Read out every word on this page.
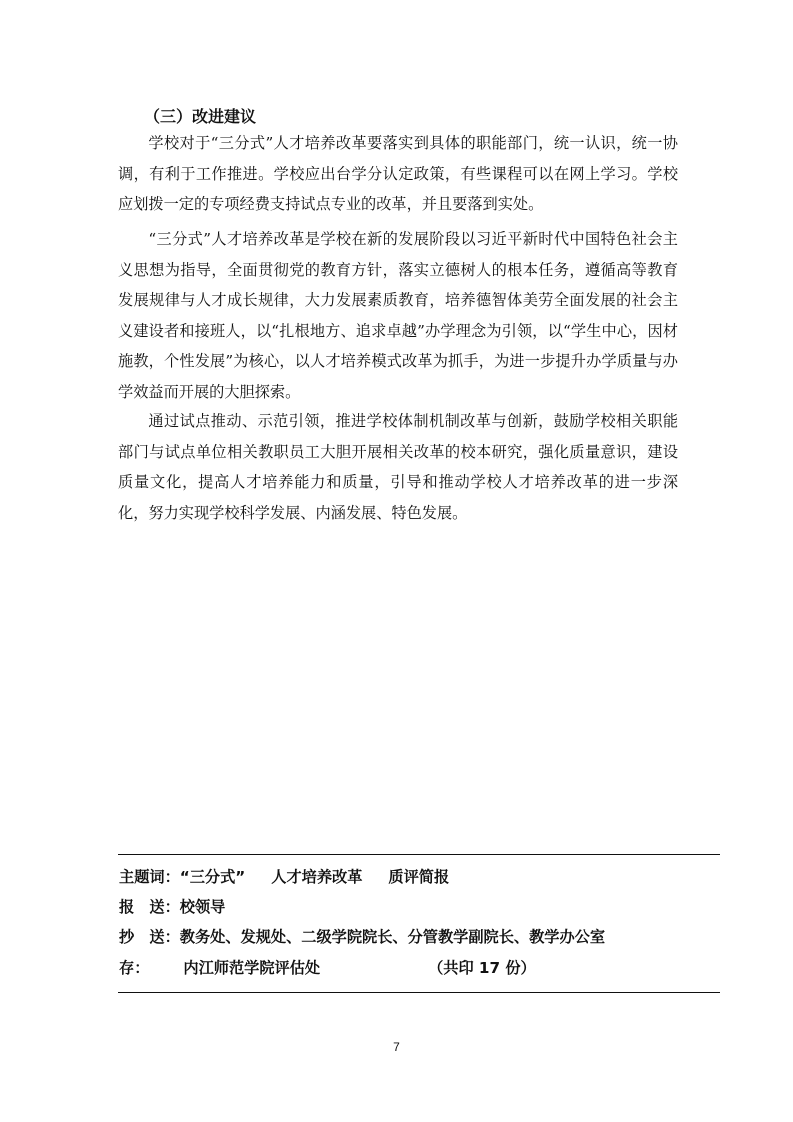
（三）改进建议

学校对于“三分式”人才培养改革要落实到具体的职能部门，统一认识，统一协调，有利于工作推进。学校应出台学分认定政策，有些课程可以在网上学习。学校应划拨一定的专项经费支持试点专业的改革，并且要落到实处。

“三分式”人才培养改革是学校在新的发展阶段以习近平新时代中国特色社会主义思想为指导，全面贯彻党的教育方针，落实立德树人的根本任务，遵循高等教育发展规律与人才成长规律，大力发展素质教育，培养德智体美劳全面发展的社会主义建设者和接班人，以“扎根地方、追求卓越”办学理念为引领，以“学生中心，因材施教，个性发展”为核心，以人才培养模式改革为抓手，为进一步提升办学质量与办学效益而开展的大胆探索。

通过试点推动、示范引领，推进学校体制机制改革与创新，鼓励学校相关职能部门与试点单位相关教职员工大胆开展相关改革的校本研究，强化质量意识，建设质量文化，提高人才培养能力和质量，引导和推动学校人才培养改革的进一步深化，努力实现学校科学发展、内涵发展、特色发展。

主题词：“三分式” 人才培养改革 质评简报
报　送：校领导
抄　送：教务处、发规处、二级学院院长、分管教学副院长、教学办公室
存： 内江师范学院评估处	（共印 17 份）
7
